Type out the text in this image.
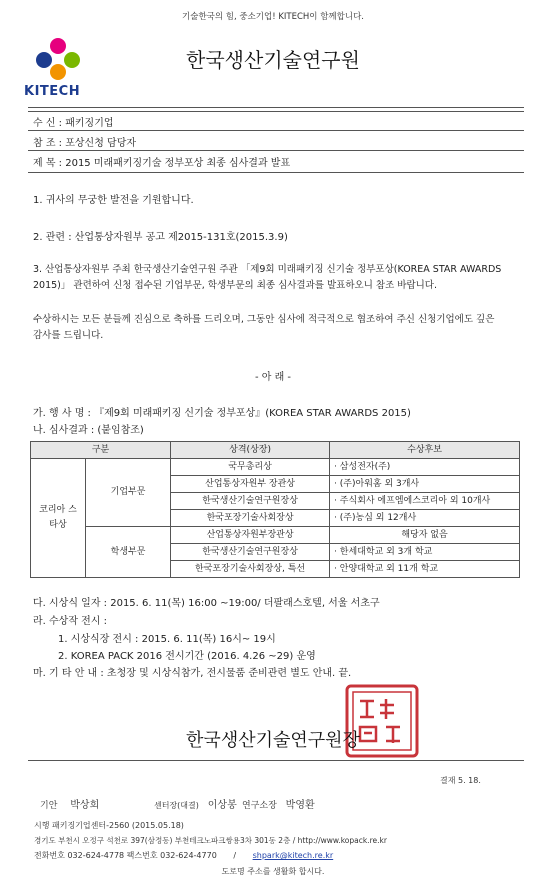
기술한국의 힘, 중소기업! KITECH이 함께합니다.
KITECH
한국생산기술연구원
수 신 : 패키징기업
참 조 : 포상신청 담당자
제 목 : 2015 미래패키징기술 정부포상 최종 심사결과 발표
1. 귀사의 무궁한 발전을 기원합니다.
2. 관련 : 산업통상자원부 공고 제2015-131호(2015.3.9)
3. 산업통상자원부 주최 한국생산기술연구원 주관 「제9회 미래패키징 신기술 정부포상(KOREA STAR AWARDS 2015)」 관련하여 신청 접수된 기업부문, 학생부문의 최종 심사결과를 발표하오니 참조 바랍니다.
수상하시는 모든 분들께 진심으로 축하를 드리오며, 그동안 심사에 적극적으로 협조하여 주신 신청기업에도 깊은 감사를 드립니다.
- 아 래 -
가. 행 사 명 : 『제9회 미래패키징 신기술 정부포상』(KOREA STAR AWARDS 2015)
나. 심사결과 : (붙임참조)
구분		상격(상장)	수상후보
코리아 스타상	기업부문	국무총리상	· 삼성전자(주)
		산업통상자원부 장관상	· (주)아워홈 외 3개사
		한국생산기술연구원장상	· 주식회사 에프엠에스코리아 외 10개사
		한국포장기술사회장상	· (주)농심 외 12개사
	학생부문	산업통상자원부장관상	해당자 없음
		한국생산기술연구원장상	· 한세대학교 외 3개 학교
		한국포장기술사회장상, 특선	· 안양대학교 외 11개 학교
다. 시상식 일자 : 2015. 6. 11(목) 16:00 ~19:00/ 더팔래스호텔, 서울 서초구
라. 수상작 전시 :
1. 시상식장 전시 : 2015. 6. 11(목) 16시~ 19시
2. KOREA PACK 2016 전시기간 (2016. 4.26 ~29) 운영
마. 기 타 안 내 : 초청장 및 시상식참가, 전시물품 준비관련 별도 안내. 끝.
한국생산기술연구원장
결재 5. 18.
기안 박상희	센터장(대결) 이상봉 연구소장 박영환
시행 패키징기업센터-2560 (2015.05.18)
경기도 부천시 오정구 석천로 397(삼정동) 부천테크노파크쌍용3차 301동 2층 / http://www.kopack.re.kr
전화번호 032-624-4778 팩스번호 032-624-4770 / shpark@kitech.re.kr
도로명 주소를 생활화 합시다.
